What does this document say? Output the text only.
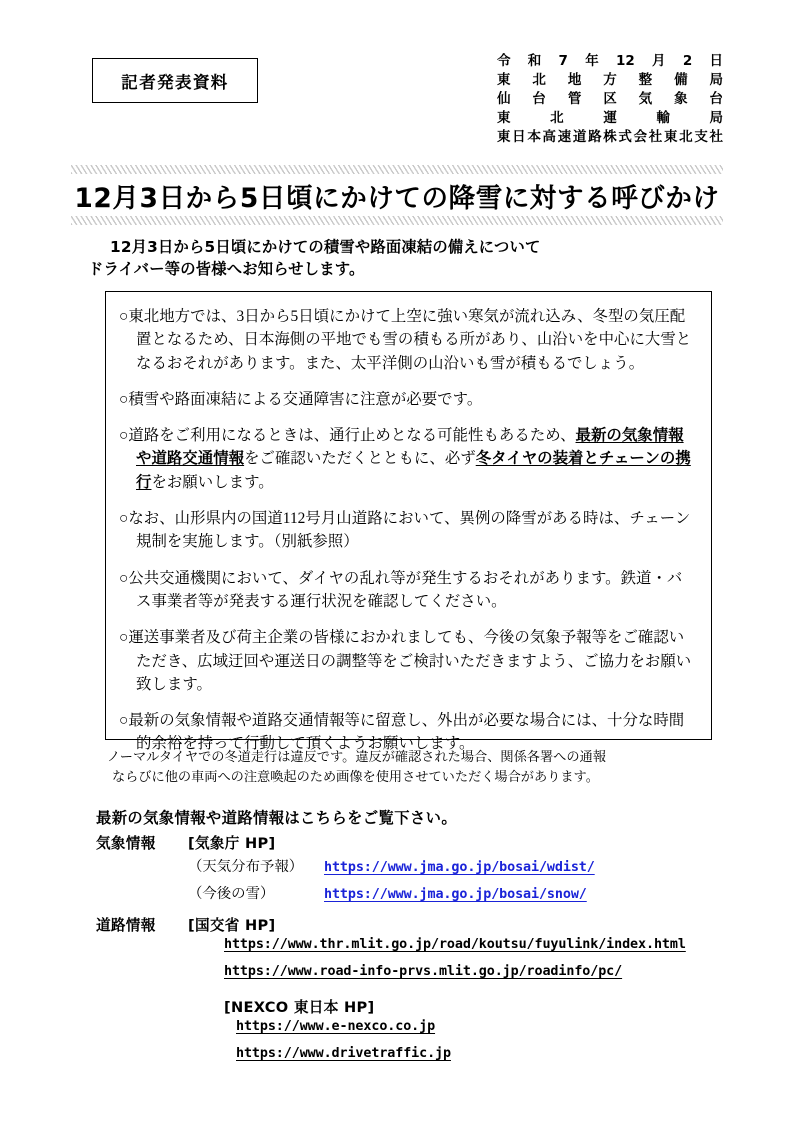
記者発表資料
令和7年12月2日
東北地方整備局
仙台管区気象台
東北運輸局
東日本高速道路株式会社東北支社
12月3日から5日頃にかけての降雪に対する呼びかけ
12月3日から5日頃にかけての積雪や路面凍結の備えについて
ドライバー等の皆様へお知らせします。

○東北地方では、3日から5日頃にかけて上空に強い寒気が流れ込み、冬型の気圧配置となるため、日本海側の平地でも雪の積もる所があり、山沿いを中心に大雪となるおそれがあります。また、太平洋側の山沿いも雪が積もるでしょう。

○積雪や路面凍結による交通障害に注意が必要です。

○道路をご利用になるときは、通行止めとなる可能性もあるため、最新の気象情報や道路交通情報をご確認いただくとともに、必ず冬タイヤの装着とチェーンの携行をお願いします。

○なお、山形県内の国道112号月山道路において、異例の降雪がある時は、チェーン規制を実施します。（別紙参照）

○公共交通機関において、ダイヤの乱れ等が発生するおそれがあります。鉄道・バス事業者等が発表する運行状況を確認してください。

○運送事業者及び荷主企業の皆様におかれましても、今後の気象予報等をご確認いただき、広域迂回や運送日の調整等をご検討いただきますよう、ご協力をお願い致します。

○最新の気象情報や道路交通情報等に留意し、外出が必要な場合には、十分な時間的余裕を持って行動して頂くようお願いします。

ノーマルタイヤでの冬道走行は違反です。違反が確認された場合、関係各署への通報
ならびに他の車両への注意喚起のため画像を使用させていただく場合があります。
最新の気象情報や道路情報はこちらをご覧下さい。
気象情報	[気象庁 HP]
（天気分布予報）	https://www.jma.go.jp/bosai/wdist/
（今後の雪）	https://www.jma.go.jp/bosai/snow/
道路情報	[国交省 HP]
https://www.thr.mlit.go.jp/road/koutsu/fuyulink/index.html
https://www.road-info-prvs.mlit.go.jp/roadinfo/pc/
[NEXCO 東日本 HP]
https://www.e-nexco.co.jp
https://www.drivetraffic.jp
